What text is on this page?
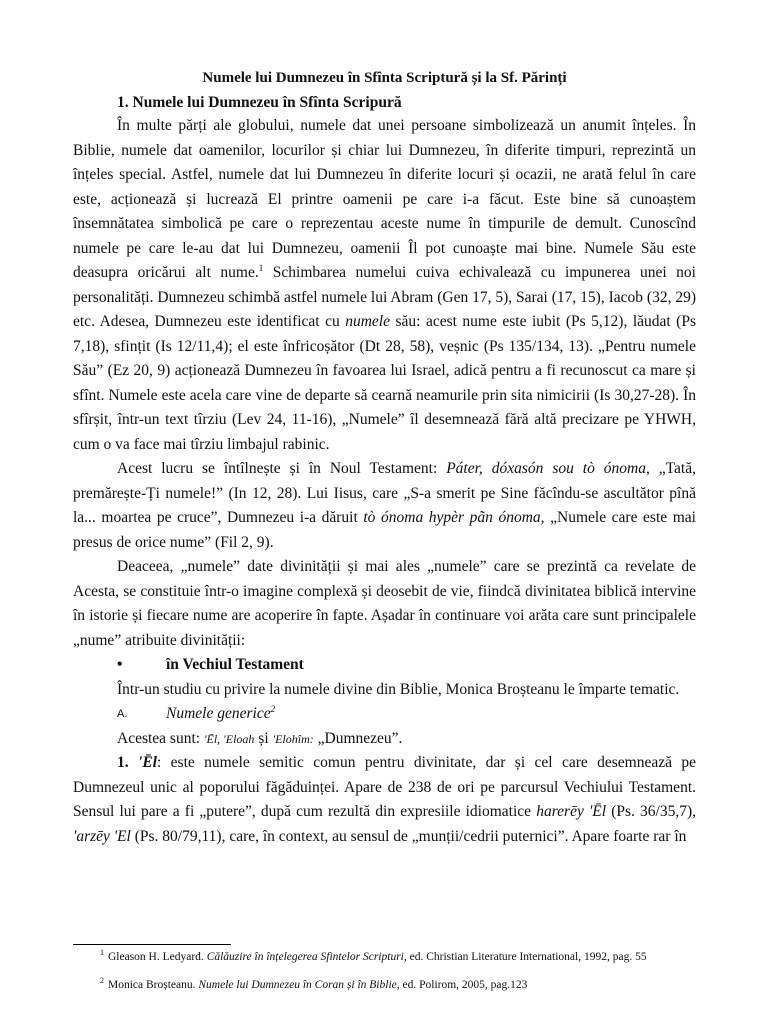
Numele lui Dumnezeu în Sfînta Scriptură și la Sf. Părinți
1. Numele lui Dumnezeu în Sfînta Scripură

În multe părți ale globului, numele dat unei persoane simbolizează un anumit înțeles. În Biblie, numele dat oamenilor, locurilor și chiar lui Dumnezeu, în diferite timpuri, reprezintă un înțeles special. Astfel, numele dat lui Dumnezeu în diferite locuri și ocazii, ne arată felul în care este, acționează și lucrează El printre oamenii pe care i-a făcut. Este bine să cunoaștem însemnătatea simbolică pe care o reprezentau aceste nume în timpurile de demult. Cunoscînd numele pe care le-au dat lui Dumnezeu, oamenii Îl pot cunoaște mai bine. Numele Său este deasupra oricărui alt nume.$^1$ Schimbarea numelui cuiva echivalează cu impunerea unei noi personalități. Dumnezeu schimbă astfel numele lui Abram (Gen 17, 5), Sarai (17, 15), Iacob (32, 29) etc. Adesea, Dumnezeu este identificat cu numele său: acest nume este iubit (Ps 5,12), lăudat (Ps 7,18), sfințit (Is 12/11,4); el este înfricoșător (Dt 28, 58), veșnic (Ps 135/134, 13). „Pentru numele Său” (Ez 20, 9) acționează Dumnezeu în favoarea lui Israel, adică pentru a fi recunoscut ca mare și sfînt. Numele este acela care vine de departe să cearnă neamurile prin sita nimicirii (Is 30,27-28). În sfîrșit, într-un text tîrziu (Lev 24, 11-16), „Numele” îl desemnează fără altă precizare pe YHWH, cum o va face mai tîrziu limbajul rabinic.

Acest lucru se întîlnește și în Noul Testament: Páter, dóxasón sou tò ónoma, „Tată, premărește-Ți numele!” (In 12, 28). Lui Iisus, care „S-a smerit pe Sine făcîndu-se ascultător pînă la... moartea pe cruce”, Dumnezeu i-a dăruit tò ónoma hypèr pãn ónoma, „Numele care este mai presus de orice nume” (Fil 2, 9).

Deaceea, „numele” date divinității și mai ales „numele” care se prezintă ca revelate de Acesta, se constituie într-o imagine complexă și deosebit de vie, fiindcă divinitatea biblică intervine în istorie și fiecare nume are acoperire în fapte. Așadar în continuare voi arăta care sunt principalele „nume” atribuite divinității:

•	în Vechiul Testament

Într-un studiu cu privire la numele divine din Biblie, Monica Broșteanu le împarte tematic.

A.	Numele generice$^2$

Acestea sunt: 'Ēl, 'Eloah și 'Elohîm: „Dumnezeu”.

1. 'Ēl: este numele semitic comun pentru divinitate, dar și cel care desemnează pe Dumnezeul unic al poporului făgăduinței. Apare de 238 de ori pe parcursul Vechiului Testament. Sensul lui pare a fi „putere”, după cum rezultă din expresiile idiomatice harerēy 'Ēl (Ps. 36/35,7), 'arzēy 'El (Ps. 80/79,11), care, în context, au sensul de „munții/cedrii puternici”. Apare foarte rar în

$^1$ Gleason H. Ledyard. Călăuzire în înțelegerea Sfintelor Scripturi, ed. Christian Literature International, 1992, pag. 55
$^2$ Monica Broșteanu. Numele lui Dumnezeu în Coran și în Biblie, ed. Polirom, 2005, pag.123
